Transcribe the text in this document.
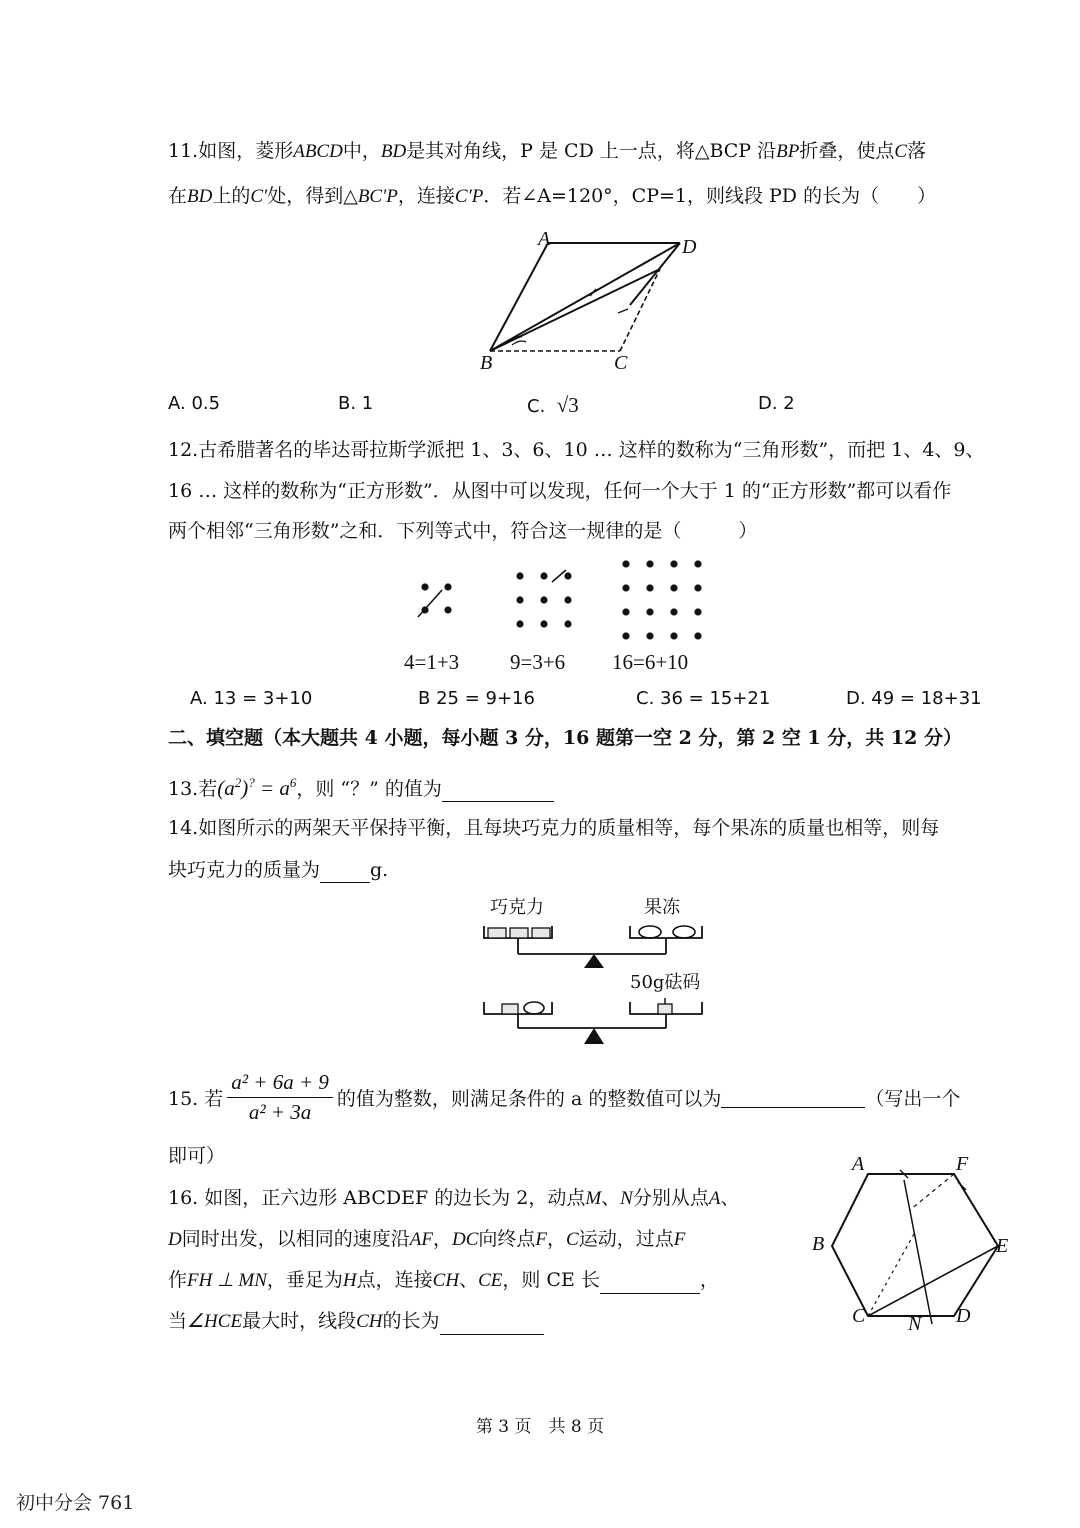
11.如图，菱形ABCD中，BD是其对角线，P 是 CD 上一点，将△BCP 沿BP折叠，使点C落
在BD上的C′处，得到△BC′P，连接C′P．若∠A=120°，CP=1，则线段 PD 的长为（　　）
A	D
B	C
A. 0.5	B. 1	C. √3	D. 2
12.古希腊著名的毕达哥拉斯学派把 1、3、6、10 … 这样的数称为“三角形数”，而把 1、4、9、
16 … 这样的数称为“正方形数”．从图中可以发现，任何一个大于 1 的“正方形数”都可以看作
两个相邻“三角形数”之和．下列等式中，符合这一规律的是（　　　）
4=1+3 9=3+6 16=6+10
A. 13 = 3+10	B 25 = 9+16	C. 36 = 15+21	D. 49 = 18+31
二、填空题（本大题共 4 小题，每小题 3 分，16 题第一空 2 分，第 2 空 1 分，共 12 分）
13.若$(a^2)^? = a^6$，则 “？” 的值为
14.如图所示的两架天平保持平衡，且每块巧克力的质量相等，每个果冻的质量也相等，则每
块巧克力的质量为	g.
巧克力	果冻
50g砝码
15. 若 $\frac{\text{a² + 6a + 9}}{\text{a² + 3a}}$ 的值为整数，则满足条件的 a 的整数值可以为	（写出一个
即可）
16. 如图，正六边形 ABCDEF 的边长为 2，动点M、N分别从点A、
D同时出发，以相同的速度沿AF，DC向终点F，C运动，过点F
作FH ⊥ MN，垂足为H点，连接CH、CE，则 CE 长	，
当∠HCE最大时，线段CH的长为
A	F
B	E
C	D
N
第 3 页　共 8 页
初中分会 761
